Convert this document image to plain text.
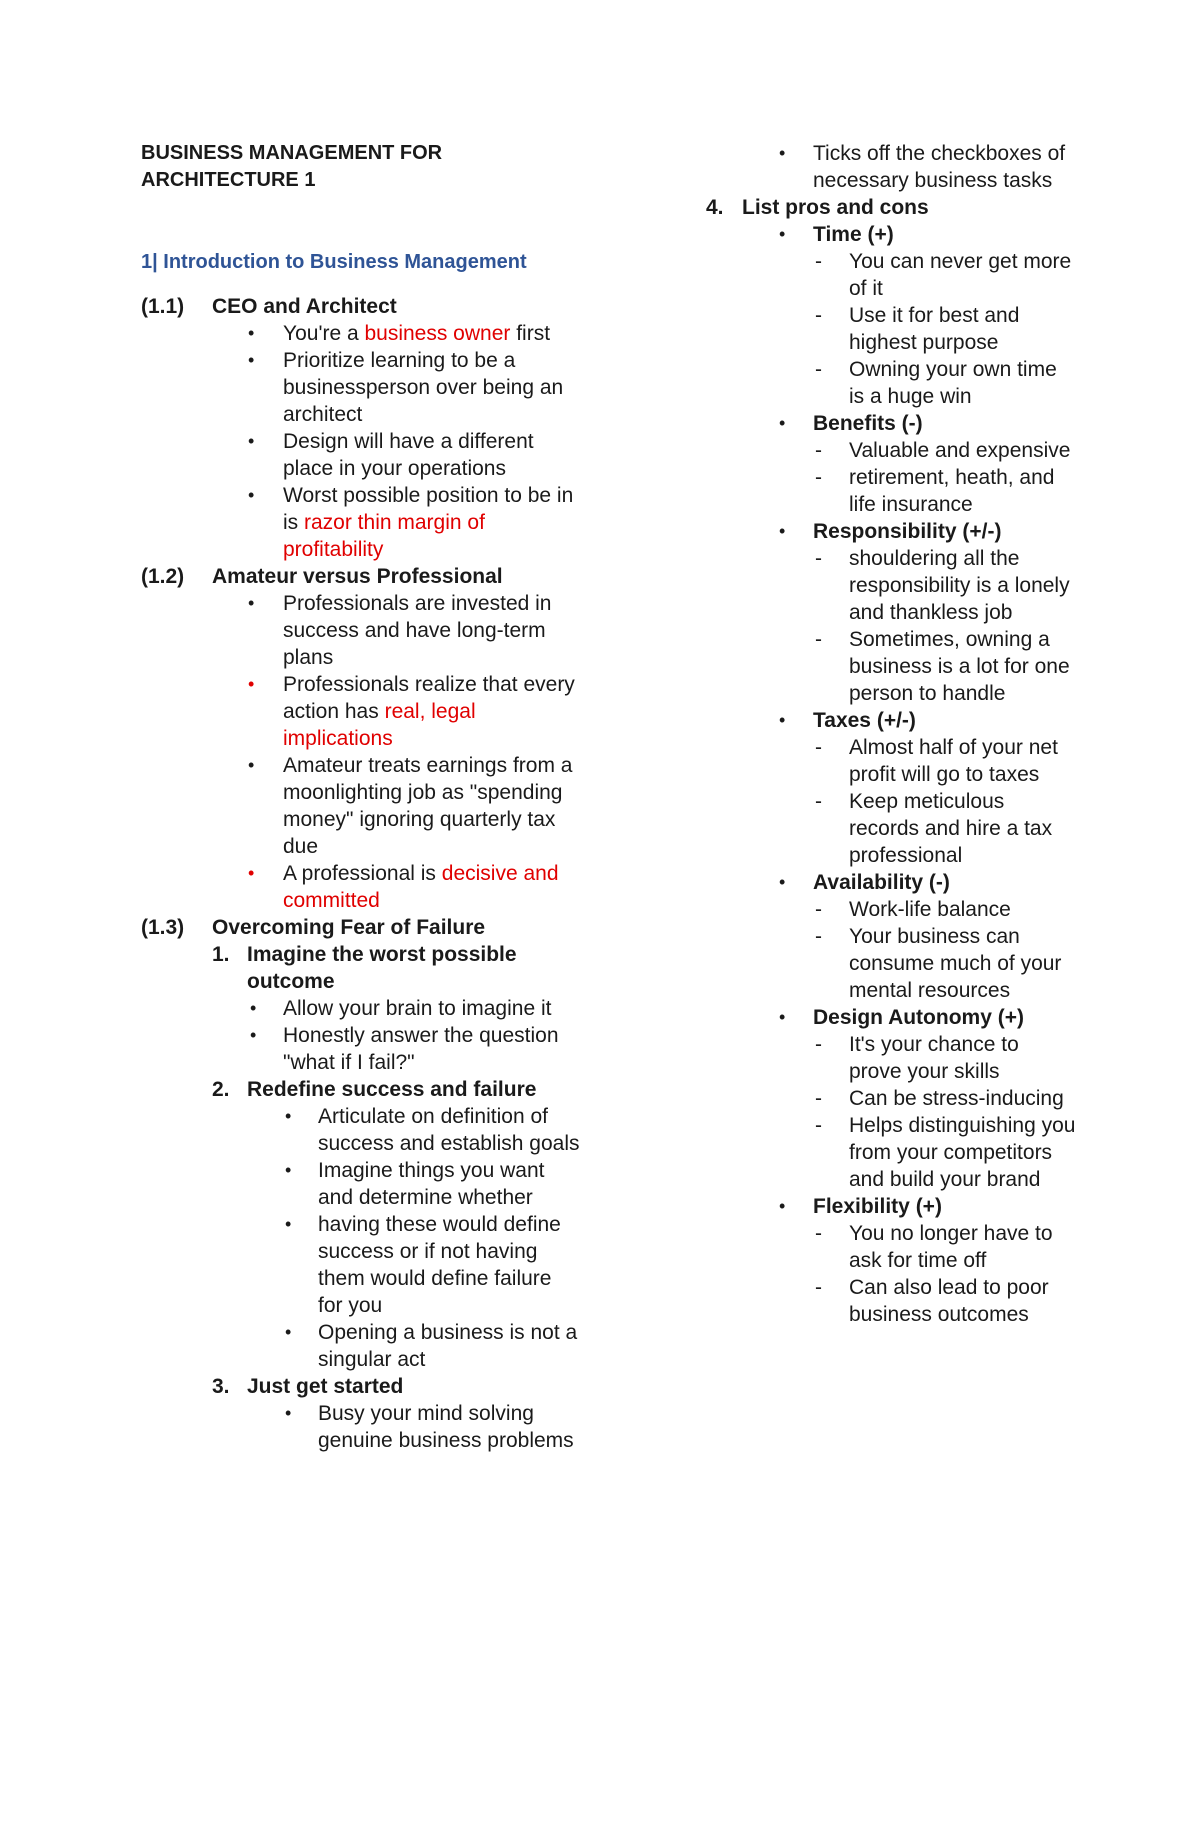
BUSINESS MANAGEMENT FOR ARCHITECTURE 1
1| Introduction to Business Management
(1.1)	CEO and Architect
• You're a business owner first
• Prioritize learning to be a businessperson over being an architect
• Design will have a different place in your operations
• Worst possible position to be in is razor thin margin of profitability
(1.2)	Amateur versus Professional
• Professionals are invested in success and have long-term plans
• Professionals realize that every action has real, legal implications
• Amateur treats earnings from a moonlighting job as "spending money" ignoring quarterly tax due
• A professional is decisive and committed
(1.3)	Overcoming Fear of Failure
1. Imagine the worst possible outcome
• Allow your brain to imagine it
• Honestly answer the question "what if I fail?"
2. Redefine success and failure
• Articulate on definition of success and establish goals
• Imagine things you want and determine whether
• having these would define success or if not having them would define failure for you
• Opening a business is not a singular act
3. Just get started
• Busy your mind solving genuine business problems
• Ticks off the checkboxes of necessary business tasks
4. List pros and cons
• Time (+)
- You can never get more of it
- Use it for best and highest purpose
- Owning your own time is a huge win
• Benefits (-)
- Valuable and expensive
- retirement, heath, and life insurance
• Responsibility (+/-)
- shouldering all the responsibility is a lonely and thankless job
- Sometimes, owning a business is a lot for one person to handle
• Taxes (+/-)
- Almost half of your net profit will go to taxes
- Keep meticulous records and hire a tax professional
• Availability (-)
- Work-life balance
- Your business can consume much of your mental resources
• Design Autonomy (+)
- It's your chance to prove your skills
- Can be stress-inducing
- Helps distinguishing you from your competitors and build your brand
• Flexibility (+)
- You no longer have to ask for time off
- Can also lead to poor business outcomes
